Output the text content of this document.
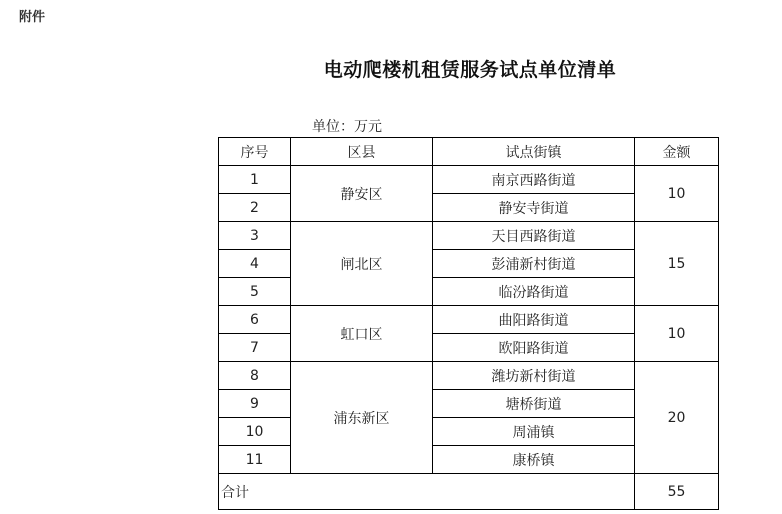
附件
电动爬楼机租赁服务试点单位清单
单位：万元
序号	区县	试点街镇	金额
1	静安区	南京西路街道	10
2		静安寺街道	
3	闸北区	天目西路街道	15
4		彭浦新村街道	
5		临汾路街道	
6	虹口区	曲阳路街道	10
7		欧阳路街道	
8	浦东新区	潍坊新村街道	20
9		塘桥街道	
10		周浦镇	
11		康桥镇	
合计			55
